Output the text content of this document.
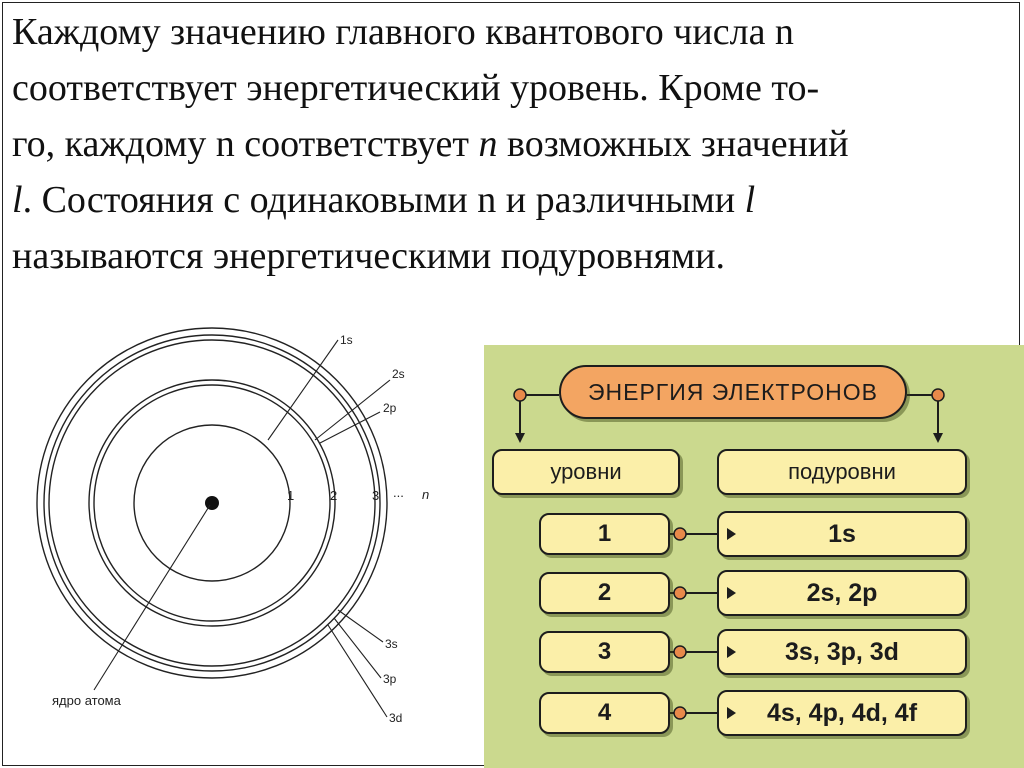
Каждому значению главного квантового числа n
соответствует энергетический уровень. Кроме то-
го, каждому n соответствует n возможных значений
l. Состояния с одинаковыми n и различными l
называются энергетическими подуровнями.

1s
2s
2p
3s
3p
3d
1	2	3 ... n
ядро атома
ЭНЕРГИЯ ЭЛЕКТРОНОВ
уровни	подуровни
1	1s
2	2s, 2p
3	3s, 3p, 3d
4	4s, 4p, 4d, 4f
